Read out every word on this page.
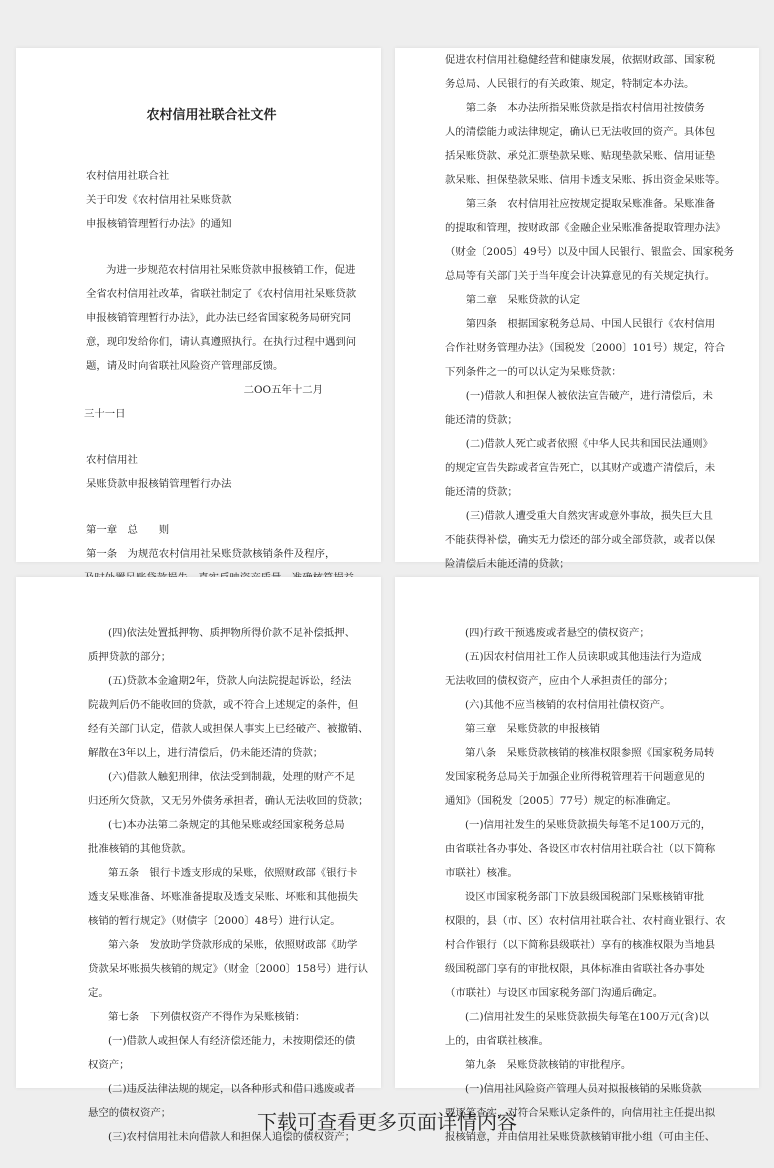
农村信用社联合社文件
农村信用社联合社
关于印发《农村信用社呆账贷款
申报核销管理暂行办法》的通知
为进一步规范农村信用社呆账贷款申报核销工作，促进
全省农村信用社改革，省联社制定了《农村信用社呆账贷款
申报核销管理暂行办法》，此办法已经省国家税务局研究同
意，现印发给你们，请认真遵照执行。在执行过程中遇到问
题，请及时向省联社风险资产管理部反馈。
二OO五年十二月
三十一日
农村信用社
呆账贷款申报核销管理暂行办法
第一章　总　　则
第一条　为规范农村信用社呆账贷款核销条件及程序，
促进农村信用社稳健经营和健康发展，依据财政部、国家税
务总局、人民银行的有关政策、规定，特制定本办法。
　　第二条　本办法所指呆账贷款是指农村信用社按债务
人的清偿能力或法律规定，确认已无法收回的资产。具体包
括呆账贷款、承兑汇票垫款呆账、贴现垫款呆账、信用证垫
款呆账、担保垫款呆账、信用卡透支呆账、拆出资金呆账等。
　　第三条　农村信用社应按规定提取呆账准备。呆账准备
的提取和管理，按财政部《金融企业呆账准备提取管理办法》
（财金〔2005〕49号）以及中国人民银行、银监会、国家税务
总局等有关部门关于当年度会计决算意见的有关规定执行。
　　第二章　呆账贷款的认定
　　第四条　根据国家税务总局、中国人民银行《农村信用
合作社财务管理办法》（国税发〔2000〕101号）规定，符合
下列条件之一的可以认定为呆账贷款：
　　(一)借款人和担保人被依法宣告破产，进行清偿后，未
能还清的贷款；
　　(二)借款人死亡或者依照《中华人民共和国民法通则》
的规定宣告失踪或者宣告死亡，以其财产或遗产清偿后，未
能还清的贷款；
　　(三)借款人遭受重大自然灾害或意外事故，损失巨大且
不能获得补偿，确实无力偿还的部分或全部贷款，或者以保
险清偿后未能还清的贷款；
(四)依法处置抵押物、质押物所得价款不足补偿抵押、
质押贷款的部分；
(五)贷款本金逾期2年，贷款人向法院提起诉讼，经法
院裁判后仍不能收回的贷款，或不符合上述规定的条件，但
经有关部门认定，借款人或担保人事实上已经破产、被撤销、
解散在3年以上，进行清偿后，仍未能还清的贷款；
(六)借款人触犯刑律，依法受到制裁，处理的财产不足
归还所欠贷款，又无另外债务承担者，确认无法收回的贷款；
(七)本办法第二条规定的其他呆账或经国家税务总局
批准核销的其他贷款。
第五条　银行卡透支形成的呆账，依照财政部《银行卡
透支呆账准备、坏账准备提取及透支呆账、坏账和其他损失
核销的暂行规定》（财债字〔2000〕48号）进行认定。
第六条　发放助学贷款形成的呆账，依照财政部《助学
贷款呆坏账损失核销的规定》（财金〔2000〕158号）进行认
定。
第七条　下列债权资产不得作为呆账核销：
(一)借款人或担保人有经济偿还能力，未按期偿还的债
权资产；
(二)违反法律法规的规定，以各种形式和借口逃废或者
悬空的债权资产；
(三)农村信用社未向借款人和担保人追偿的债权资产；
(四)行政干预逃废或者悬空的债权资产；
(五)因农村信用社工作人员读职或其他违法行为造成
无法收回的债权资产，应由个人承担责任的部分；
(六)其他不应当核销的农村信用社债权资产。
第三章　呆账贷款的申报核销
第八条　呆账贷款核销的核准权限参照《国家税务局转
发国家税务总局关于加强企业所得税管理若干问题意见的
通知》（国税发〔2005〕77号）规定的标准确定。
(一)信用社发生的呆账贷款损失每笔不足100万元的，
由省联社各办事处、各设区市农村信用社联合社（以下简称
市联社）核准。
设区市国家税务部门下放县级国税部门呆账核销审批
权限的，县（市、区）农村信用社联合社、农村商业银行、农
村合作银行（以下简称县级联社）享有的核准权限为当地县
级国税部门享有的审批权限，具体标准由省联社各办事处
（市联社）与设区市国家税务部门沟通后确定。
(二)信用社发生的呆账贷款损失每笔在100万元(含)以
上的，由省联社核准。
第九条　呆账贷款核销的审批程序。
(一)信用社风险资产管理人员对拟报核销的呆账贷款
要逐笔查实，对符合呆账认定条件的，向信用社主任提出拟
报核销意，并由信用社呆账贷款核销审批小组（可由主任、
下载可查看更多页面详情内容
